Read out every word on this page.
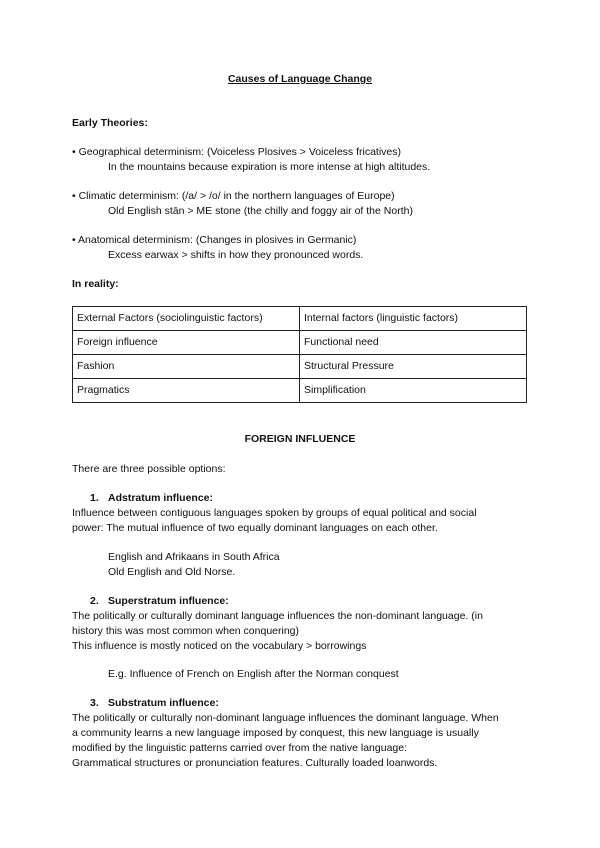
Causes of Language Change
Early Theories:
• Geographical determinism: (Voiceless Plosives > Voiceless fricatives)
In the mountains because expiration is more intense at high altitudes.
• Climatic determinism: (/a/ > /o/ in the northern languages of Europe)
Old English stān > ME stone (the chilly and foggy air of the North)
• Anatomical determinism: (Changes in plosives in Germanic)
Excess earwax > shifts in how they pronounced words.
In reality:
External Factors (sociolinguistic factors)	Internal factors (linguistic factors)
Foreign influence	Functional need
Fashion	Structural Pressure
Pragmatics	Simplification
FOREIGN INFLUENCE
There are three possible options:
1. Adstratum influence:
Influence between contiguous languages spoken by groups of equal political and social
power: The mutual influence of two equally dominant languages on each other.
English and Afrikaans in South Africa
Old English and Old Norse.
2. Superstratum influence:
The politically or culturally dominant language influences the non-dominant language. (in
history this was most common when conquering)
This influence is mostly noticed on the vocabulary > borrowings
E.g. Influence of French on English after the Norman conquest
3. Substratum influence:
The politically or culturally non-dominant language influences the dominant language. When
a community learns a new language imposed by conquest, this new language is usually
modified by the linguistic patterns carried over from the native language:
Grammatical structures or pronunciation features. Culturally loaded loanwords.
